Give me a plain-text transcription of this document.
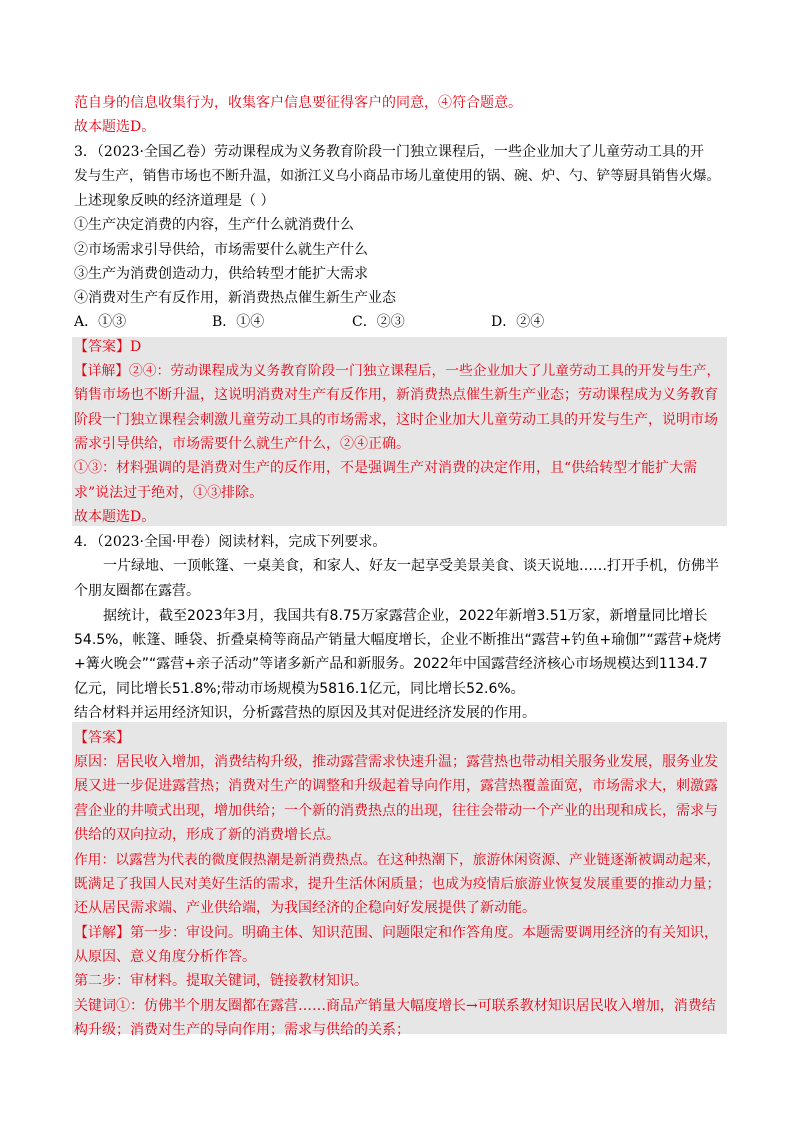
范自身的信息收集行为，收集客户信息要征得客户的同意，④符合题意。
故本题选D。
3．（2023·全国乙卷）劳动课程成为义务教育阶段一门独立课程后，一些企业加大了儿童劳动工具的开
发与生产，销售市场也不断升温，如浙江义乌小商品市场儿童使用的锅、碗、炉、勺、铲等厨具销售火爆。
上述现象反映的经济道理是（ ）
①生产决定消费的内容，生产什么就消费什么
②市场需求引导供给，市场需要什么就生产什么
③生产为消费创造动力，供给转型才能扩大需求
④消费对生产有反作用，新消费热点催生新生产业态
A．①③	B．①④	C．②③	D．②④
【答案】D
【详解】②④：劳动课程成为义务教育阶段一门独立课程后，一些企业加大了儿童劳动工具的开发与生产，
销售市场也不断升温，这说明消费对生产有反作用，新消费热点催生新生产业态；劳动课程成为义务教育
阶段一门独立课程会刺激儿童劳动工具的市场需求，这时企业加大儿童劳动工具的开发与生产，说明市场
需求引导供给，市场需要什么就生产什么，②④正确。
①③：材料强调的是消费对生产的反作用，不是强调生产对消费的决定作用，且“供给转型才能扩大需
求”说法过于绝对，①③排除。
故本题选D。
4．（2023·全国·甲卷）阅读材料，完成下列要求。
一片绿地、一顶帐篷、一桌美食，和家人、好友一起享受美景美食、谈天说地……打开手机，仿佛半
个朋友圈都在露营。
据统计，截至2023年3月，我国共有8.75万家露营企业，2022年新增3.51万家，新增量同比增长
54.5%，帐篷、睡袋、折叠桌椅等商品产销量大幅度增长，企业不断推出“露营+钓鱼+瑜伽”“露营+烧烤
+篝火晚会”“露营+亲子活动”等诸多新产品和新服务。2022年中国露营经济核心市场规模达到1134.7
亿元，同比增长51.8%;带动市场规模为5816.1亿元，同比增长52.6%。
结合材料并运用经济知识，分析露营热的原因及其对促进经济发展的作用。
【答案】
原因：居民收入增加，消费结构升级，推动露营需求快速升温；露营热也带动相关服务业发展，服务业发
展又进一步促进露营热；消费对生产的调整和升级起着导向作用，露营热覆盖面宽，市场需求大，刺激露
营企业的井喷式出现，增加供给；一个新的消费热点的出现，往往会带动一个产业的出现和成长，需求与
供给的双向拉动，形成了新的消费增长点。
作用：以露营为代表的微度假热潮是新消费热点。在这种热潮下，旅游休闲资源、产业链逐渐被调动起来，
既满足了我国人民对美好生活的需求，提升生活休闲质量；也成为疫情后旅游业恢复发展重要的推动力量；
还从居民需求端、产业供给端，为我国经济的企稳向好发展提供了新动能。
【详解】第一步：审设问。明确主体、知识范围、问题限定和作答角度。本题需要调用经济的有关知识，
从原因、意义角度分析作答。
第二步：审材料。提取关键词，链接教材知识。
关键词①：仿佛半个朋友圈都在露营……商品产销量大幅度增长→可联系教材知识居民收入增加，消费结
构升级；消费对生产的导向作用；需求与供给的关系；
